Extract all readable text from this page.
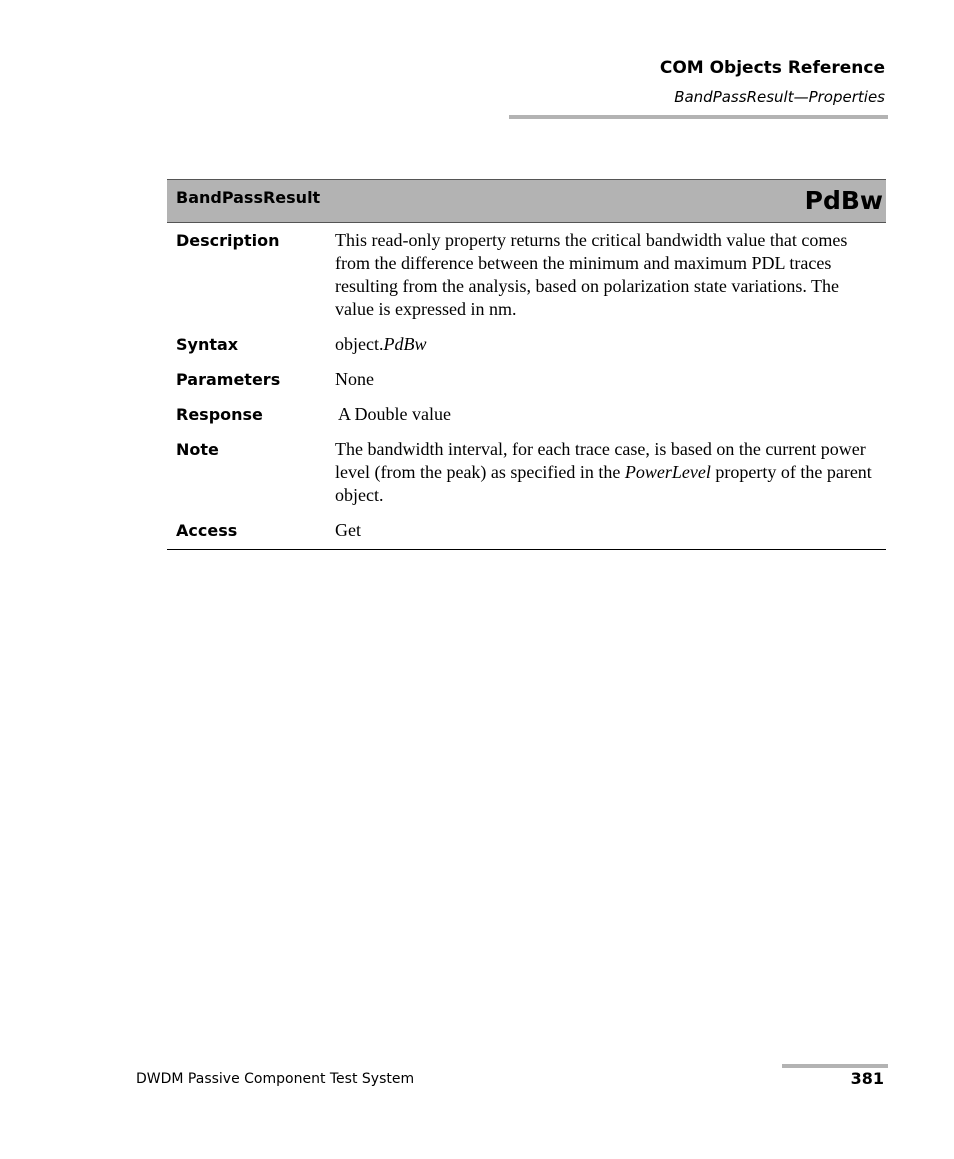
COM Objects Reference
BandPassResult—Properties
BandPassResult	PdBw

Description	This read-only property returns the critical bandwidth value that comes from the difference between the minimum and maximum PDL traces resulting from the analysis, based on polarization state variations. The value is expressed in nm.
Syntax	object.PdBw
Parameters	None
Response	A Double value
Note	The bandwidth interval, for each trace case, is based on the current power level (from the peak) as specified in the PowerLevel property of the parent object.
Access	Get
DWDM Passive Component Test System	381
